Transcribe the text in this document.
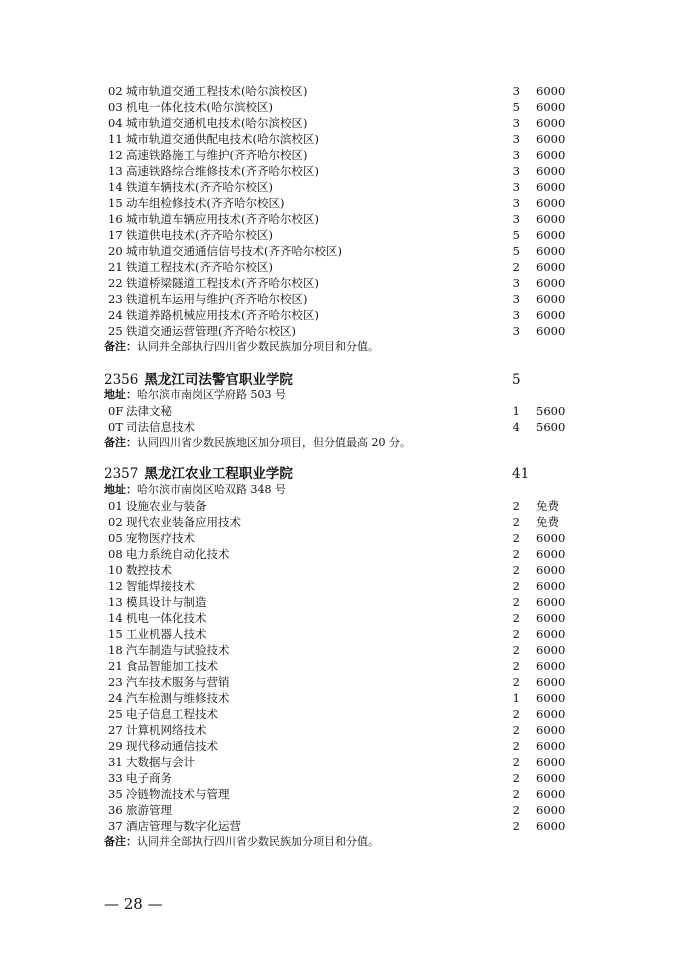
02 城市轨道交通工程技术(哈尔滨校区)	3 6000
03 机电一体化技术(哈尔滨校区)	5 6000
04 城市轨道交通机电技术(哈尔滨校区)	3 6000
11 城市轨道交通供配电技术(哈尔滨校区)	3 6000
12 高速铁路施工与维护(齐齐哈尔校区)	3 6000
13 高速铁路综合维修技术(齐齐哈尔校区)	3 6000
14 铁道车辆技术(齐齐哈尔校区)	3 6000
15 动车组检修技术(齐齐哈尔校区)	3 6000
16 城市轨道车辆应用技术(齐齐哈尔校区)	3 6000
17 铁道供电技术(齐齐哈尔校区)	5 6000
20 城市轨道交通通信信号技术(齐齐哈尔校区)	5 6000
21 铁道工程技术(齐齐哈尔校区)	2 6000
22 铁道桥梁隧道工程技术(齐齐哈尔校区)	3 6000
23 铁道机车运用与维护(齐齐哈尔校区)	3 6000
24 铁道养路机械应用技术(齐齐哈尔校区)	3 6000
25 铁道交通运营管理(齐齐哈尔校区)	3 6000
备注：认同并全部执行四川省少数民族加分项目和分值。
2356 黑龙江司法警官职业学院	5
地址：哈尔滨市南岗区学府路 503 号
0F 法律文秘	1 5600
0T 司法信息技术	4 5600
备注：认同四川省少数民族地区加分项目，但分值最高 20 分。
2357 黑龙江农业工程职业学院	41
地址：哈尔滨市南岗区哈双路 348 号
01 设施农业与装备	2 免费
02 现代农业装备应用技术	2 免费
05 宠物医疗技术	2 6000
08 电力系统自动化技术	2 6000
10 数控技术	2 6000
12 智能焊接技术	2 6000
13 模具设计与制造	2 6000
14 机电一体化技术	2 6000
15 工业机器人技术	2 6000
18 汽车制造与试验技术	2 6000
21 食品智能加工技术	2 6000
23 汽车技术服务与营销	2 6000
24 汽车检测与维修技术	1 6000
25 电子信息工程技术	2 6000
27 计算机网络技术	2 6000
29 现代移动通信技术	2 6000
31 大数据与会计	2 6000
33 电子商务	2 6000
35 冷链物流技术与管理	2 6000
36 旅游管理	2 6000
37 酒店管理与数字化运营	2 6000
备注：认同并全部执行四川省少数民族加分项目和分值。
— 28 —
